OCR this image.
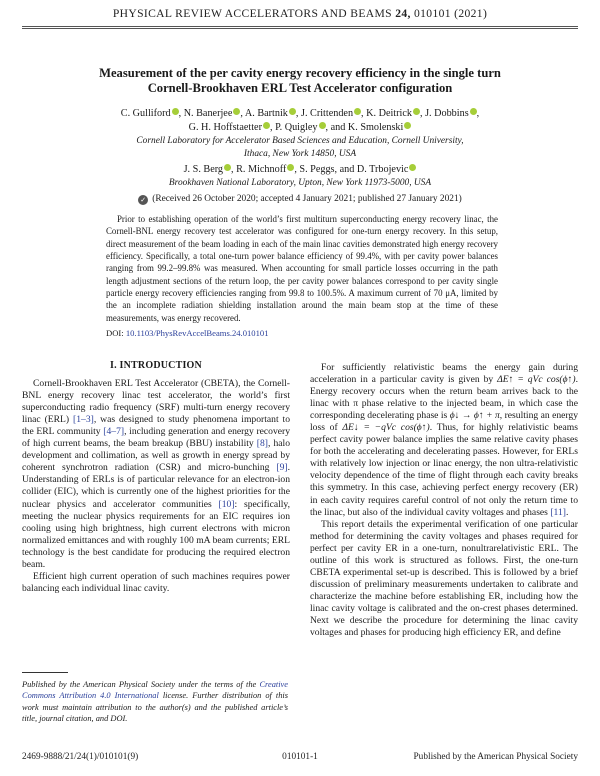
PHYSICAL REVIEW ACCELERATORS AND BEAMS 24, 010101 (2021)
Measurement of the per cavity energy recovery efficiency in the single turn
Cornell-Brookhaven ERL Test Accelerator configuration
C. Gulliford , N. Banerjee , A. Bartnik , J. Crittenden , K. Deitrick , J. Dobbins ,
G. H. Hoffstaetter , P. Quigley , and K. Smolenski
Cornell Laboratory for Accelerator Based Sciences and Education, Cornell University,
Ithaca, New York 14850, USA
J. S. Berg , R. Michnoff , S. Peggs, and D. Trbojevic
Brookhaven National Laboratory, Upton, New York 11973-5000, USA
✓ (Received 26 October 2020; accepted 4 January 2021; published 27 January 2021)

Prior to establishing operation of the world’s first multiturn superconducting energy recovery linac, the Cornell-BNL energy recovery test accelerator was configured for one-turn energy recovery. In this setup, direct measurement of the beam loading in each of the main linac cavities demonstrated high energy recovery efficiency. Specifically, a total one-turn power balance efficiency of 99.4%, with per cavity power balances ranging from 99.2–99.8% was measured. When accounting for small particle losses occurring in the path length adjustment sections of the return loop, the per cavity power balances correspond to per cavity single particle energy recovery efficiencies ranging from 99.8 to 100.5%. A maximum current of 70 μA, limited by the an incomplete radiation shielding installation around the main beam stop at the time of these measurements, was energy recovered.

DOI: 10.1103/PhysRevAccelBeams.24.010101
I. INTRODUCTION

Cornell-Brookhaven ERL Test Accelerator (CBETA), the Cornell-BNL energy recovery linac test accelerator, the world’s first superconducting radio frequency (SRF) multi-turn energy recovery linac (ERL) [1–3], was designed to study phenomena important to the ERL community [4–7], including generation and energy recovery of high current beams, the beam breakup (BBU) instability [8], halo development and collimation, as well as growth in energy spread by coherent synchrotron radiation (CSR) and micro-bunching [9]. Understanding of ERLs is of particular relevance for an electron-ion collider (EIC), which is currently one of the highest priorities for the nuclear physics and accelerator communities [10]: specifically, meeting the nuclear physics requirements for an EIC requires ion cooling using high brightness, high current electrons with micron normalized emittances and with roughly 100 mA beam currents; ERL technology is the best candidate for producing the required electron beam.

Efficient high current operation of such machines requires power balancing each individual linac cavity.

For sufficiently relativistic beams the energy gain during acceleration in a particular cavity is given by ΔE↑ = qVc cos(ϕ↑). Energy recovery occurs when the return beam arrives back to the linac with π phase relative to the injected beam, in which case the corresponding decelerating phase is ϕ↓ → ϕ↑ + π, resulting an energy loss of ΔE↓ = −qVc cos(ϕ↑). Thus, for highly relativistic beams perfect cavity power balance implies the same relative cavity phases for both the accelerating and decelerating passes. However, for ERLs with relatively low injection or linac energy, the non ultra-relativistic velocity dependence of the time of flight through each cavity breaks this symmetry. In this case, achieving perfect energy recovery (ER) in each cavity requires careful control of not only the return time to the linac, but also of the individual cavity voltages and phases [11].

This report details the experimental verification of one particular method for determining the cavity voltages and phases required for perfect per cavity ER in a one-turn, nonultrarelativistic ERL. The outline of this work is structured as follows. First, the one-turn CBETA experimental set-up is described. This is followed by a brief discussion of preliminary measurements undertaken to calibrate and characterize the machine before establishing ER, including how the linac cavity voltage is calibrated and the on-crest phases determined. Next we describe the procedure for determining the linac cavity voltages and phases for producing high efficiency ER, and define

Published by the American Physical Society under the terms of the Creative Commons Attribution 4.0 International license. Further distribution of this work must maintain attribution to the author(s) and the published article’s title, journal citation, and DOI.
2469-9888/21/24(1)/010101(9)	010101-1	Published by the American Physical Society
